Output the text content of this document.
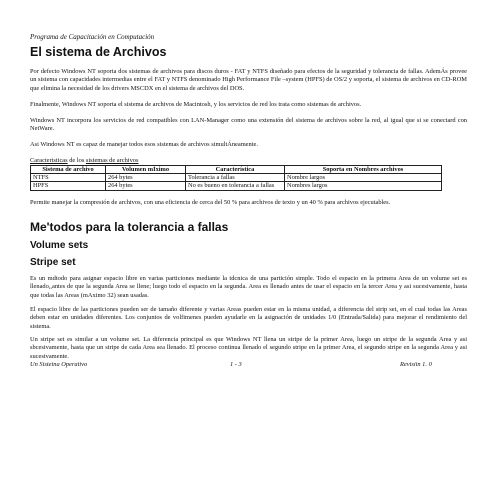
Programa de Capacitación en Computación
El sistema de Archivos
Por defecto Windows NT soporta dos sistemas de archivos para discos duros - FAT y NTFS diseñado para efectos de la seguridad y tolerancia de fallas. AdemÁs provee un sistema con capacidades intermedias entre el FAT y NTFS denominado High Performance File –system (HPFS) de OS/2 y soporta, el sistema de archivos en CD-ROM que elimina la necesidad de los drivers MSCDX en el sistema de archivos del DOS.
Finalmente, Windows NT soporta el sistema de archivos de Macintosh, y los servicios de red los trata como sistemas de archivos.
Windows NT incorpora los servicios de red compatibles con LAN-Manager como una extensión del sistema de archivos sobre la red, al igual que si se conectard con NetWare.
Asi Windows NT es capaz de manejar todos esos sistemas de archivos simultÁneamente.
Caracteristicas de los sistemas de archivos
Sistema de archivo	Volumen mÍximo	Característica	Soporta en Nombres archivos
NTFS	264 bytes	Tolerancia a fallas	Nombre largos
HPFS	264 bytes	No es bueno en tolerancia a fallas	Nombres largos
Permite manejar la compresión de archivos, con una eficiencia de cerca del 50 % para archivos de texto y un 40 % para archivos ejecutables.
Me'todos para la tolerancia a fallas
Volume sets
Stripe set
Es un mdtodo para asignar espacio libre en varias particiones mediante la tdcnica de una partición simple. Todo el espacio en la primera Area de un volume set es llenado,,antes de que la segunda Area se llene; luego todo el espacio en la segunda. Area es llenado antes de usar el espacio en la tercer Area y asi sucesivamente, hasta que todas las Areas (mAximo 32) sean usadas.
El espacio libre de las particiones pueden ser de tamaño diferente y varias Areas pueden estar en la misma unidad, a diferencia del strip set, en el cual todas las Areas deben estar en unidades diferentes. Los conjuntos de volfimenes pueden ayudarle en la asignación de unidades 1/0 (Entrada/Salida) para mejorar el rendimiento del sistema.
Un stripe set es similar a un volume set. La diferencia principal es que Windows NT llena un stripe de la primer Area, luego un stripe de la segunda Area y asi sbcesivamente, hasta que un stripe de cada Area sea llenado. El proceso continua llenado el segundo stripe en la primer Area, el segundo stripe en la segunda Area y asi sucesivamente.
Un Sisteina Operativo	1 - 3	Revisiin 1. 0
